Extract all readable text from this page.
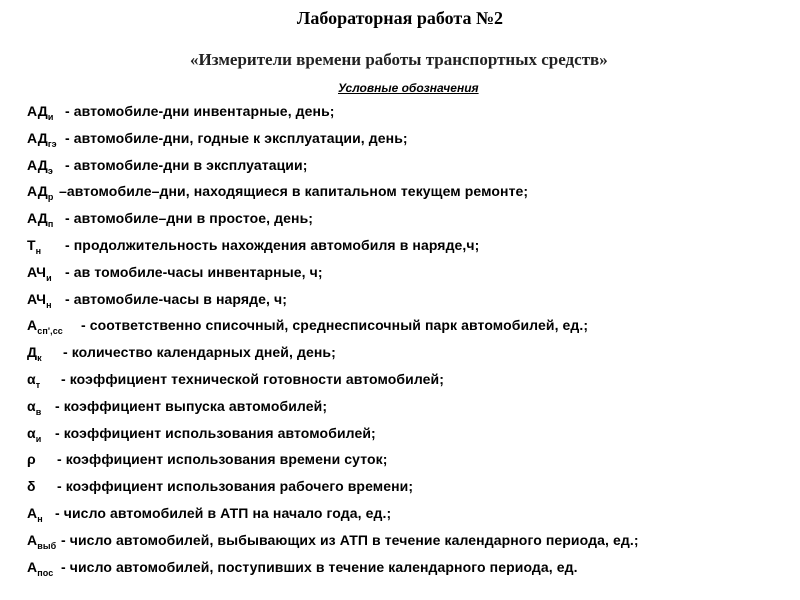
Лабораторная работа №2
«Измерители времени работы транспортных средств»
Условные обозначения
$АД_и$ - автомобиле-дни инвентарные, день;
$АД_{гэ}$ - автомобиле-дни, годные к эксплуатации, день;
$АД_э$ - автомобиле-дни в эксплуатации;
$АД_р$ –автомобиле–дни, находящиеся в капитальном текущем ремонте;
$АД_п$ - автомобиле–дни в простое, день;
$Т_н$ - продолжительность нахождения автомобиля в наряде,ч;
$АЧ_и$ - ав томобиле-часы инвентарные, ч;
$АЧ_н$ - автомобиле-часы в наряде, ч;
$А_{сп',сс}$ - соответственно списочный, среднесписочный парк автомобилей, ед.;
$Д_к$ - количество календарных дней, день;
$\alpha_т$ - коэффициент технической готовности автомобилей;
$\alpha_в$ - коэффициент выпуска автомобилей;
$\alpha_и$ - коэффициент использования автомобилей;
ρ - коэффициент использования времени суток;
δ - коэффициент использования рабочего времени;
$А_н$ - число автомобилей в АТП на начало года, ед.;
$А_{выб}$ - число автомобилей, выбывающих из АТП в течение календарного периода, ед.;
$А_{пос}$ - число автомобилей, поступивших в течение календарного периода, ед.
